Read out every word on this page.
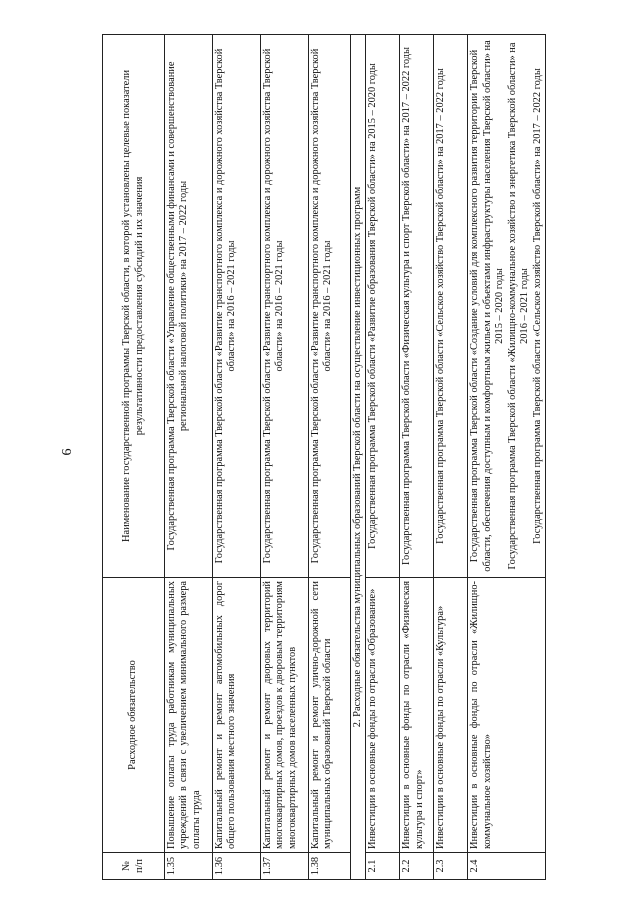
6
№ п/п	Расходное обязательство	Наименование государственной программы Тверской области, в которой установлены целевые показатели результативности предоставления субсидий и их значения
1.35	Повышение оплаты труда работникам муниципальных учреждений в связи с увеличением минимального размера оплаты труда	Государственная программа Тверской области «Управление общественными финансами и совершенствование региональной налоговой политики» на 2017 – 2022 годы

1.36	Капитальный ремонт и ремонт автомобильных дорог общего пользования местного значения	Государственная программа Тверской области «Развитие транспортного комплекса и дорожного хозяйства Тверской области» на 2016 – 2021 годы

1.37	Капитальный ремонт и ремонт дворовых территорий многоквартирных домов, проездов к дворовым территориям многоквартирных домов населенных пунктов	Государственная программа Тверской области «Развитие транспортного комплекса и дорожного хозяйства Тверской области» на 2016 – 2021 годы

1.38	Капитальный ремонт и ремонт улично-дорожной сети муниципальных образований Тверской области	Государственная программа Тверской области «Развитие транспортного комплекса и дорожного хозяйства Тверской области» на 2016 – 2021 годы

2. Расходные обязательства муниципальных образований Тверской области на осуществление инвестиционных программ		
2.1	Инвестиции в основные фонды по отрасли «Образование»	Государственная программа Тверской области «Развитие образования Тверской области» на 2015 – 2020 годы

2.2	Инвестиции в основные фонды по отрасли «Физическая культура и спорт»	Государственная программа Тверской области «Физическая культура и спорт Тверской области» на 2017 – 2022 годы

2.3	Инвестиции в основные фонды по отрасли «Культура»	Государственная программа Тверской области «Сельское хозяйство Тверской области» на 2017 – 2022 годы

2.4	Инвестиции в основные фонды по отрасли «Жилищно-коммунальное хозяйство»	Государственная программа Тверской области «Создание условий для комплексного развития территории Тверской области, обеспечения доступным и комфортным жильем и объектами инфраструктуры населения Тверской области» на 2015 – 2020 годы Государственная программа Тверской области «Жилищно-коммунальное хозяйство и энергетика Тверской области» на 2016 – 2021 годы Государственная программа Тверской области «Сельское хозяйство Тверской области» на 2017 – 2022 годы
